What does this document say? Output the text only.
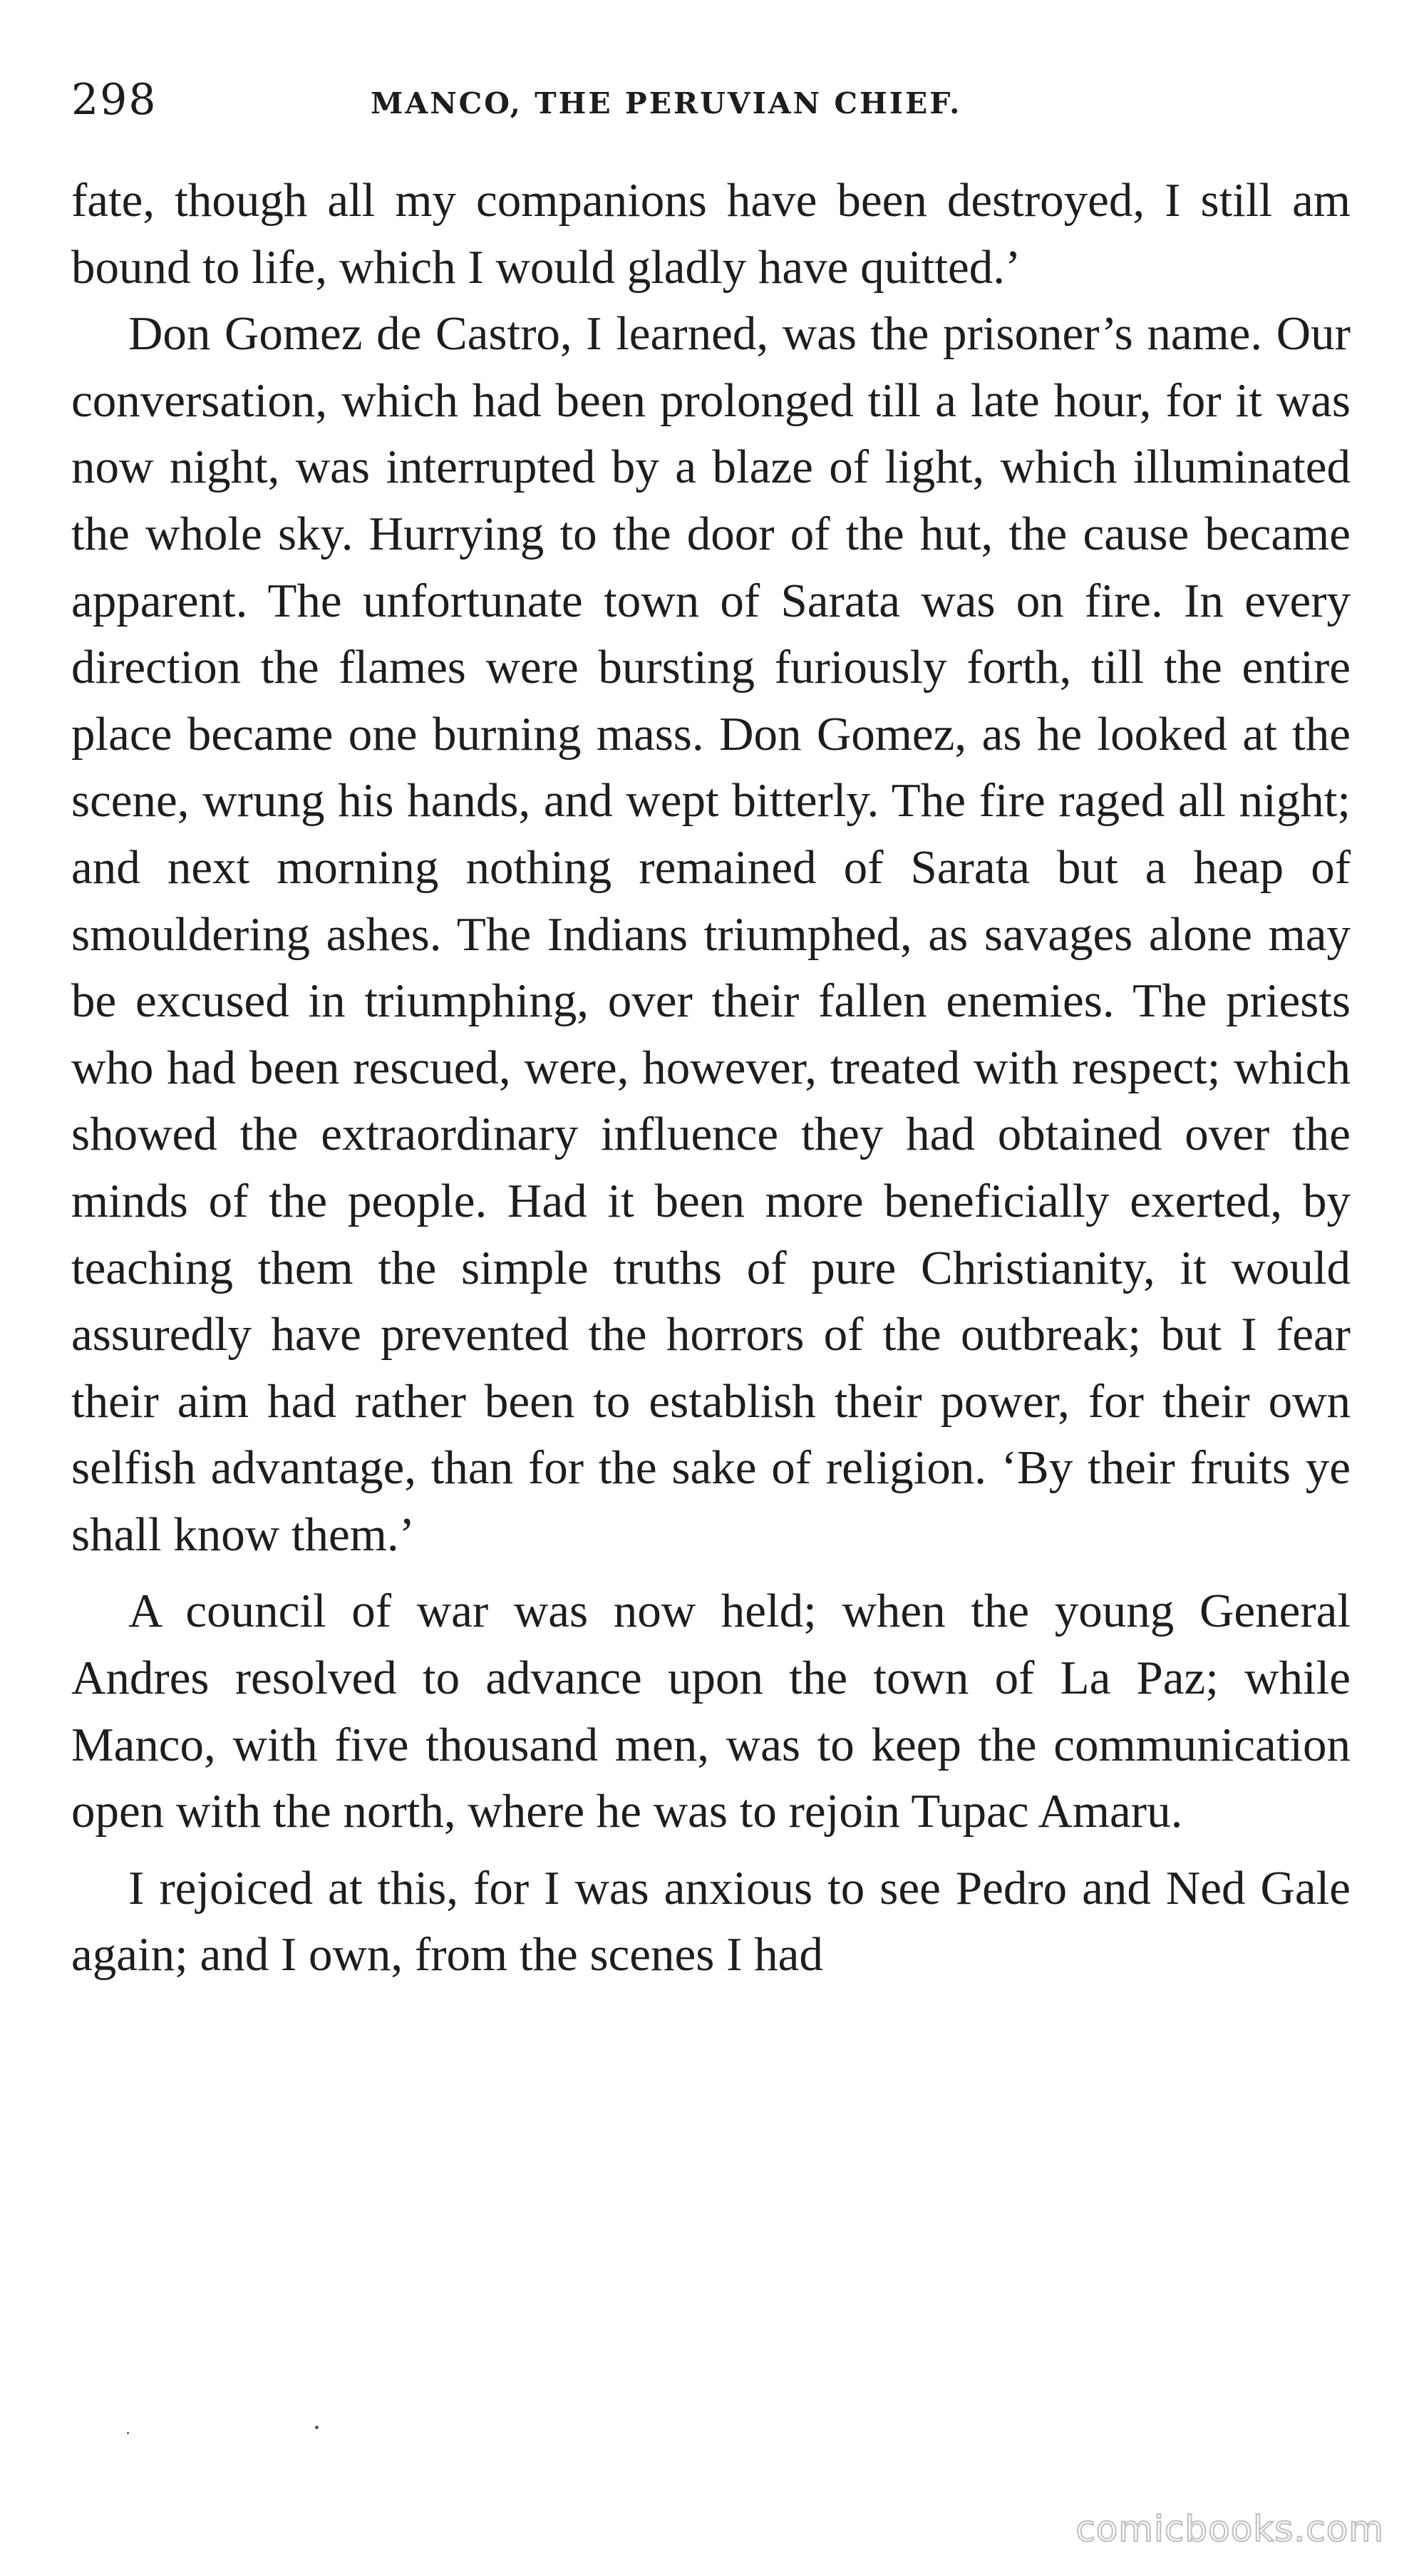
298	MANCO, THE PERUVIAN CHIEF.

fate, though all my companions have been destroyed, I still am bound to life, which I would gladly have quitted.’

Don Gomez de Castro, I learned, was the prisoner’s name. Our conversation, which had been prolonged till a late hour, for it was now night, was interrupted by a blaze of light, which illuminated the whole sky. Hurrying to the door of the hut, the cause became apparent. The unfortunate town of Sarata was on fire. In every direction the flames were bursting furiously forth, till the entire place became one burning mass. Don Gomez, as he looked at the scene, wrung his hands, and wept bitterly. The fire raged all night; and next morning nothing remained of Sarata but a heap of smouldering ashes. The Indians triumphed, as savages alone may be excused in triumphing, over their fallen enemies. The priests who had been rescued, were, however, treated with respect; which showed the extraordinary influence they had obtained over the minds of the people. Had it been more beneficially exerted, by teaching them the simple truths of pure Christianity, it would assuredly have prevented the horrors of the outbreak; but I fear their aim had rather been to establish their power, for their own selfish advantage, than for the sake of religion. ‘By their fruits ye shall know them.’

A council of war was now held; when the young General Andres resolved to advance upon the town of La Paz; while Manco, with five thousand men, was to keep the communication open with the north, where he was to rejoin Tupac Amaru.

I rejoiced at this, for I was anxious to see Pedro and Ned Gale again; and I own, from the scenes I had

comicbooks.com
